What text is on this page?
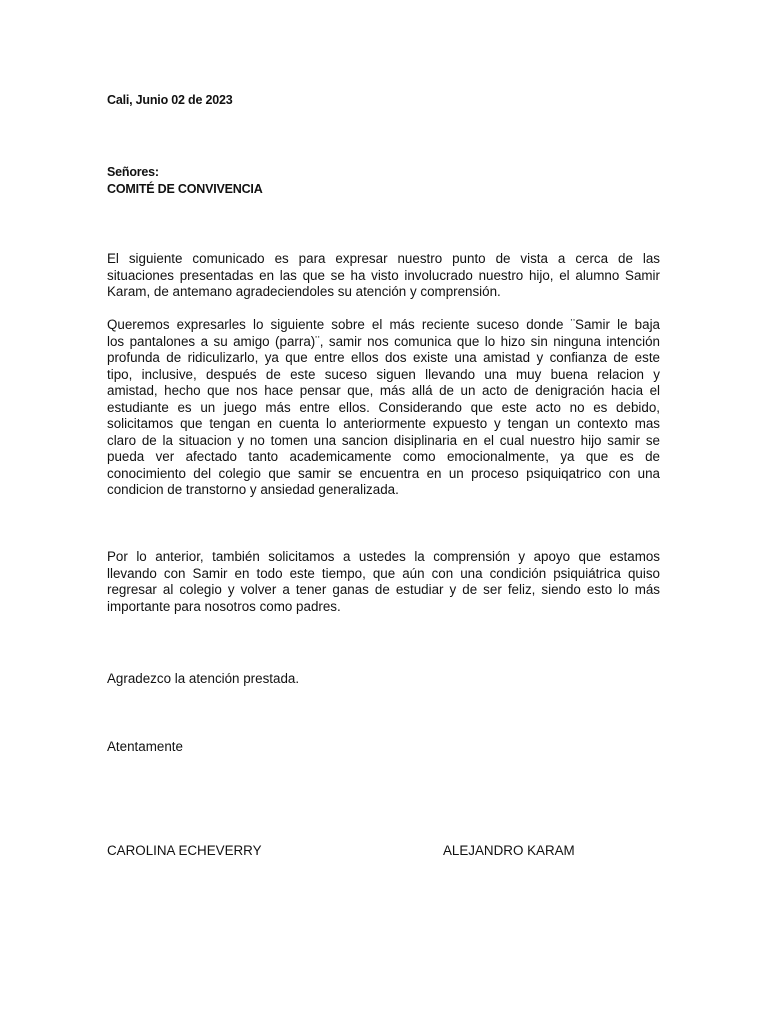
Cali, Junio 02 de 2023
Señores:
COMITÉ DE CONVIVENCIA
El siguiente comunicado es para expresar nuestro punto de vista a cerca de las
situaciones presentadas en las que se ha visto involucrado nuestro hijo, el alumno Samir
Karam, de antemano agradeciendoles su atención y comprensión.
Queremos expresarles lo siguiente sobre el más reciente suceso donde ¨Samir le baja
los pantalones a su amigo (parra)¨, samir nos comunica que lo hizo sin ninguna intención
profunda de ridiculizarlo, ya que entre ellos dos existe una amistad y confianza de este
tipo, inclusive, después de este suceso siguen llevando una muy buena relacion y
amistad, hecho que nos hace pensar que, más allá de un acto de denigración hacia el
estudiante es un juego más entre ellos. Considerando que este acto no es debido,
solicitamos que tengan en cuenta lo anteriormente expuesto y tengan un contexto mas
claro de la situacion y no tomen una sancion disiplinaria en el cual nuestro hijo samir se
pueda ver afectado tanto academicamente como emocionalmente, ya que es de
conocimiento del colegio que samir se encuentra en un proceso psiquiqatrico con una
condicion de transtorno y ansiedad generalizada.
Por lo anterior, también solicitamos a ustedes la comprensión y apoyo que estamos
llevando con Samir en todo este tiempo, que aún con una condición psiquiátrica quiso
regresar al colegio y volver a tener ganas de estudiar y de ser feliz, siendo esto lo más
importante para nosotros como padres.
Agradezco la atención prestada.
Atentamente
CAROLINA ECHEVERRY	ALEJANDRO KARAM
